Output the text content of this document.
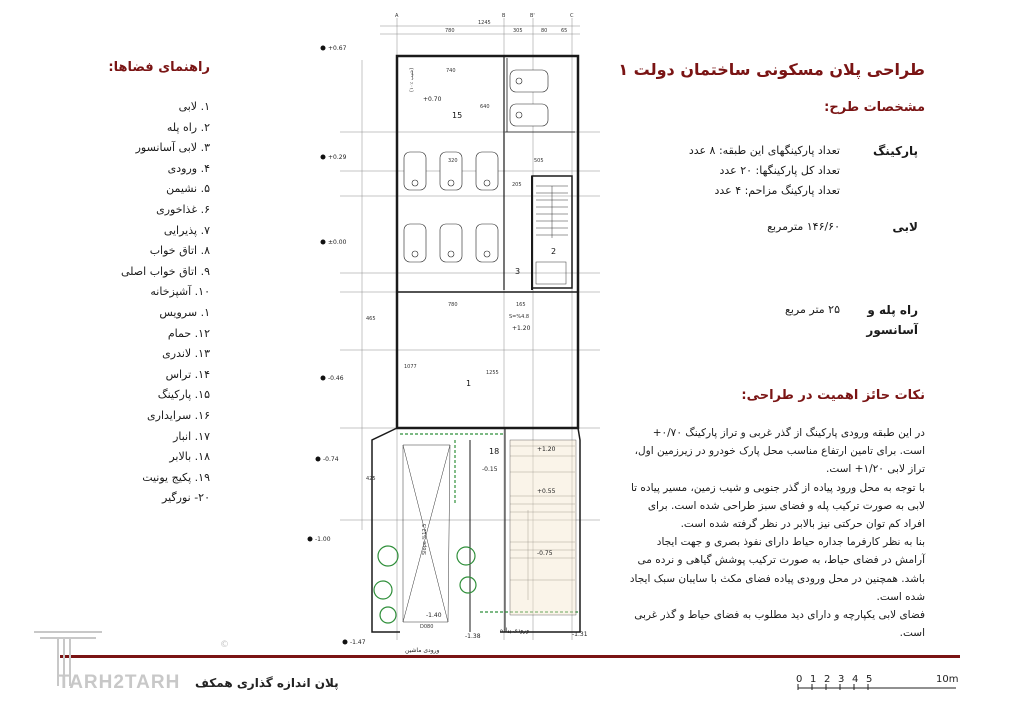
راهنمای فضاها:
۱. لابی
۲. راه پله
۳. لابی آسانسور
۴. ورودی
۵. نشیمن
۶. غذاخوری
۷. پذیرایی
۸. اتاق خواب
۹. اتاق خواب اصلی
۱۰. آشپزخانه
۱. سرویس
۱۲. حمام
۱۳. لاندری
۱۴. تراس
۱۵. پارکینگ
۱۶. سرایداری
۱۷. انبار
۱۸. بالابر
۱۹. پکیج یونیت
۲۰- نورگیر
A	B	B'	C
1245
780	305	80	65
15
1
3
2
18
740
640
320	505
205
780	165
1255
1077
465
425
S=%4.8
+0.67
+0.29
±0.00
-0.46
-0.74
-1.00
-1.47
+0.70
+1.20
+1.20
+0.55
-0.15
-0.75
-1.40
-1.31
-1.38
Slope %12.5
(شیب ٪۱۰)
D080
ورودی ماشین
ورودی پیاده
طراحی پلان مسکونی ساختمان دولت ۱
مشخصات طرح:
پارکینگ
تعداد پارکینگهای این طبقه: ۸ عدد
تعداد کل پارکینگها: ۲۰ عدد
تعداد پارکینگ مزاحم: ۴ عدد
لابی
۱۴۶/۶۰ مترمربع
راه پله و
آسانسور
۲۵ متر مربع
نکات حائز اهمیت در طراحی:

در این طبقه ورودی پارکینگ از گذر غربی و تراز پارکینگ ۰/۷۰+ است. برای تامین ارتفاع مناسب محل پارک خودرو در زیرزمین اول، تراز لابی ۱/۲۰+ است.

با توجه به محل ورود پیاده از گذر جنوبی و شیب زمین، مسیر پیاده تا لابی به صورت ترکیب پله و فضای سبز طراحی شده است. برای افراد کم توان حرکتی نیز بالابر در نظر گرفته شده است.

بنا به نظر کارفرما جداره حیاط دارای نفوذ بصری و جهت ایجاد آرامش در فضای حیاط، به صورت ترکیب پوشش گیاهی و نرده می باشد. همچنین در محل ورودی پیاده فضای مکث با سایبان سبک ایجاد شده است.

فضای لابی یکپارچه و دارای دید مطلوب به فضای حیاط و گذر غربی است.

TARH2TARH
©
پلان اندازه گذاری همکف	0 1 2 3 4 5	10m
